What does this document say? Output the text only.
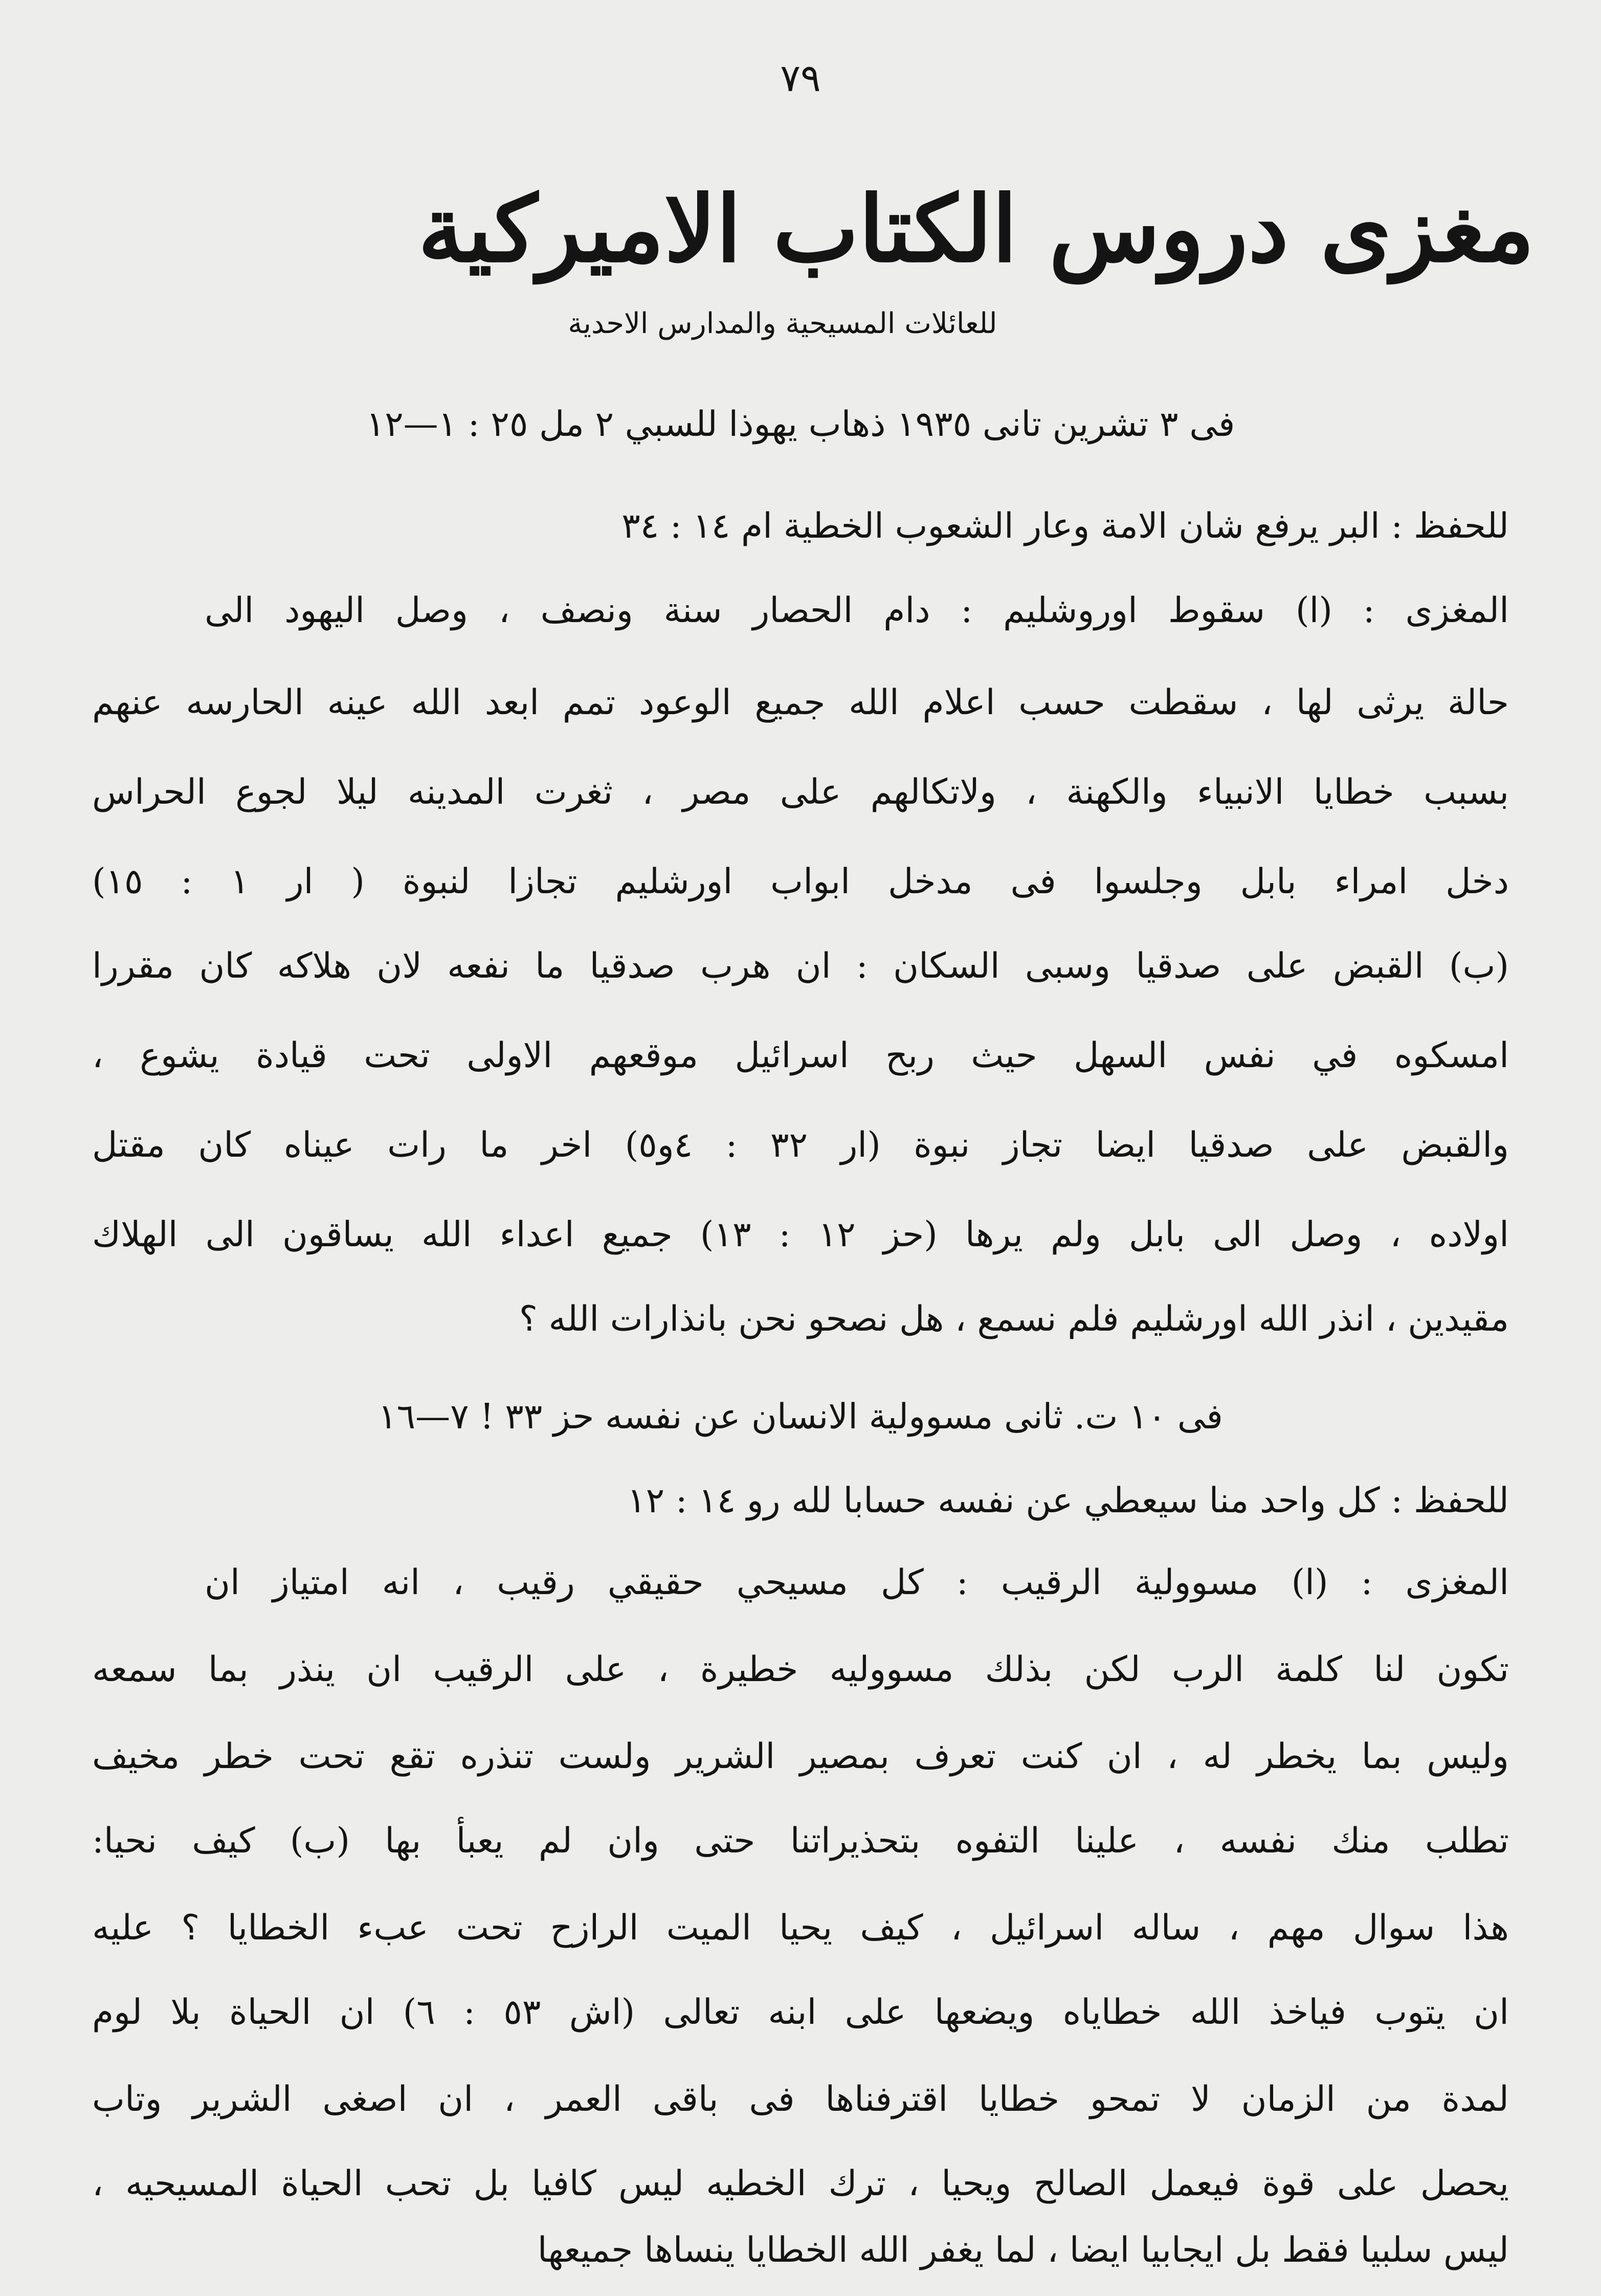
٧٩
مغزى دروس الكتاب الاميركية
للعائلات المسيحية والمدارس الاحدية
فى ٣ تشرين تانى ١٩٣٥ ذهاب يهوذا للسبي ٢ مل ٢٥ : ١—١٢
للحفظ : البر يرفع شان الامة وعار الشعوب الخطية ام ١٤ : ٣٤
المغزى : (ا) سقوط اوروشليم : دام الحصار سنة ونصف ، وصل اليهود الى
حالة يرثى لها ، سقطت حسب اعلام الله جميع الوعود تمم ابعد الله عينه الحارسه عنهم
بسبب خطايا الانبياء والكهنة ، ولاتكالهم على مصر ، ثغرت المدينه ليلا لجوع الحراس
دخل امراء بابل وجلسوا فى مدخل ابواب اورشليم تجازا لنبوة ( ار ١ : ١٥)
(ب) القبض على صدقيا وسبى السكان : ان هرب صدقيا ما نفعه لان هلاكه كان مقررا
امسكوه في نفس السهل حيث ربح اسرائيل موقعهم الاولى تحت قيادة يشوع ،
والقبض على صدقيا ايضا تجاز نبوة (ار ٣٢ : ٤و٥) اخر ما رات عيناه كان مقتل
اولاده ، وصل الى بابل ولم يرها (حز ١٢ : ١٣) جميع اعداء الله يساقون الى الهلاك
مقيدين ، انذر الله اورشليم فلم نسمع ، هل نصحو نحن بانذارات الله ؟
فى ١٠ ت. ثانى مسوولية الانسان عن نفسه حز ٣٣ ! ٧—١٦
للحفظ : كل واحد منا سيعطي عن نفسه حسابا لله رو ١٤ : ١٢
المغزى : (ا) مسوولية الرقيب : كل مسيحي حقيقي رقيب ، انه امتياز ان
تكون لنا كلمة الرب لكن بذلك مسووليه خطيرة ، على الرقيب ان ينذر بما سمعه
وليس بما يخطر له ، ان كنت تعرف بمصير الشرير ولست تنذره تقع تحت خطر مخيف
تطلب منك نفسه ، علينا التفوه بتحذيراتنا حتى وان لم يعبأ بها (ب) كيف نحيا:
هذا سوال مهم ، ساله اسرائيل ، كيف يحيا الميت الرازح تحت عبء الخطايا ؟ عليه
ان يتوب فياخذ الله خطاياه ويضعها على ابنه تعالى (اش ٥٣ : ٦) ان الحياة بلا لوم
لمدة من الزمان لا تمحو خطايا اقترفناها فى باقى العمر ، ان اصغى الشرير وتاب
يحصل على قوة فيعمل الصالح ويحيا ، ترك الخطيه ليس كافيا بل تحب الحياة المسيحيه ،
ليس سلبيا فقط بل ايجابيا ايضا ، لما يغفر الله الخطايا ينساها جميعها
